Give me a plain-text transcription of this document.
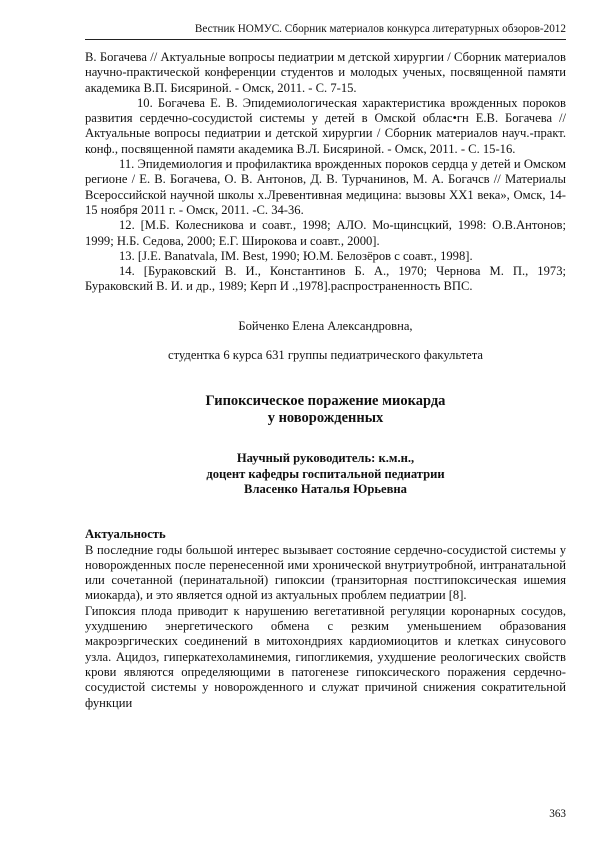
Вестник НОМУС. Сборник материалов конкурса литературных обзоров-2012

В. Богачева // Актуальные вопросы педиатрии м детской хирургии / Сборник материалов научно-практической конференции студентов и молодых ученых, посвященной памяти академика В.П. Бисяриной. - Омск, 2011. - С. 7-15.

10. Богачева Е. В. Эпидемиологическая характеристика врожденных пороков развития сердечно-сосудистой системы у детей в Омской облас•гн Е.В. Богачева // Актуальные вопросы педиатрии и детской хирургии / Сборник материалов науч.-практ. конф., посвященной памяти академика В.Л. Бисяриной. - Омск, 2011. - С. 15-16.

11. Эпидемиология и профилактика врожденных пороков сердца у детей и Омском регионе / Е. В. Богачева, О. В. Антонов, Д. В. Турчанинов, М. А. Богачсв // Материалы Всероссийской научной школы х.Лревентивная медицина: вызовы XX1 века», Омск, 14-15 ноября 2011 г. - Омск, 2011. -С. 34-36.

12. [М.Б. Колесникова и соавт., 1998; АЛО. Мо-щинсцкий, 1998: О.В.Антонов; 1999; Н.Б. Седова, 2000; Е.Г. Широкова и соавт., 2000].

13. [J.E. Banatvala, IM. Best, 1990; Ю.М. Белозёров с соавт., 1998].

14. [Бураковский В. И., Константинов Б. А., 1970; Чернова М. П., 1973; Бураковский В. И. и др., 1989; Керп И .,1978].распространенность ВПС.

Бойченко Елена Александровна,

студентка 6 курса 631 группы педиатрического факультета

Гипоксическое поражение миокарда
у новорожденных

Научный руководитель: к.м.н.,
доцент кафедры госпитальной педиатрии
Власенко Наталья Юрьевна

Актуальность

В последние годы большой интерес вызывает состояние сердечно-сосудистой системы у новорожденных после перенесенной ими хронической внутриутробной, интранатальной или сочетанной (перинатальной) гипоксии (транзиторная постгипоксическая ишемия миокарда), и это является одной из актуальных проблем педиатрии [8].

Гипоксия плода приводит к нарушению вегетативной регуляции коронарных сосудов, ухудшению энергетического обмена с резким уменьшением образования макроэргических соединений в митохондриях кардиомиоцитов и клетках синусового узла. Ацидоз, гиперкатехоламинемия, гипогликемия, ухудшение реологических свойств крови являются определяющими в патогенезе гипоксического поражения сердечно-сосудистой системы у новорожденного и служат причиной снижения сократительной функции

363
